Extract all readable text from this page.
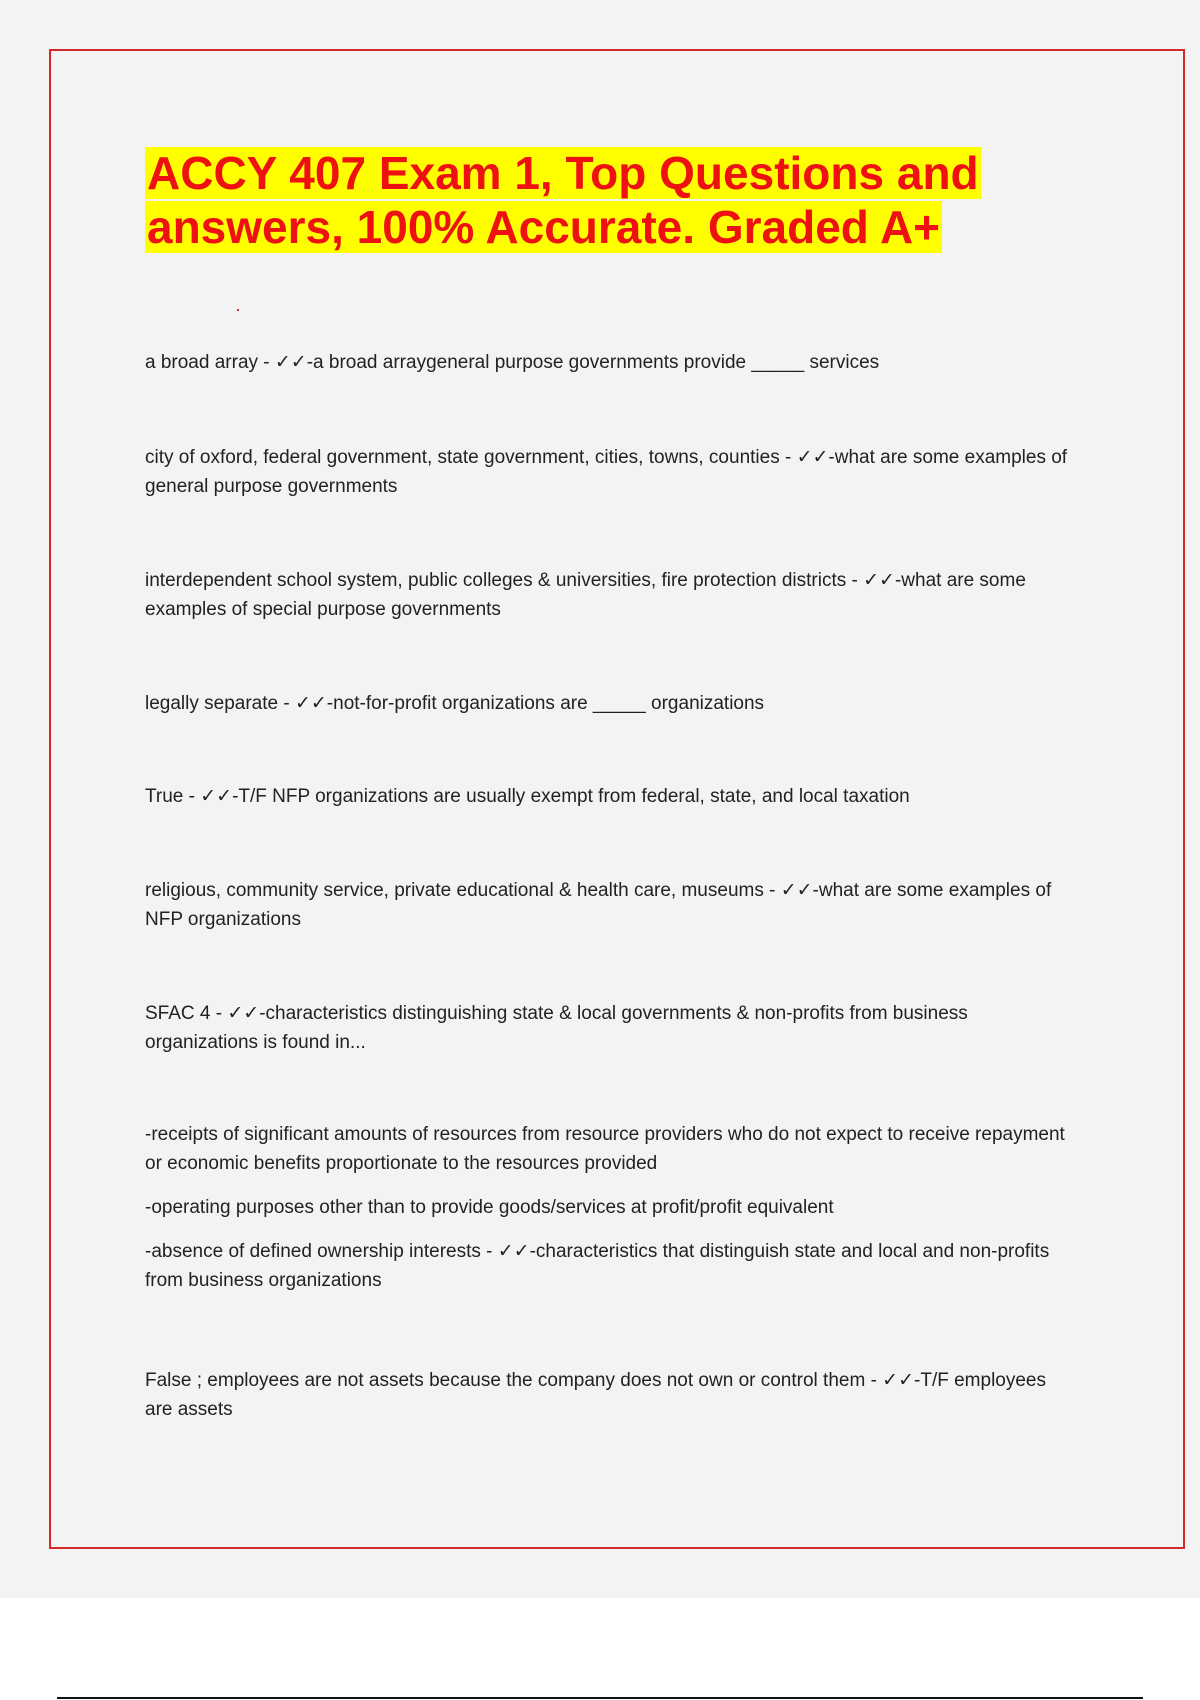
ACCY 407 Exam 1, Top Questions and
answers, 100% Accurate. Graded A+

a broad array - ✓✓-a broad arraygeneral purpose governments provide _____ services

city of oxford, federal government, state government, cities, towns, counties - ✓✓-what are some examples of general purpose governments

interdependent school system, public colleges & universities, fire protection districts - ✓✓-what are some examples of special purpose governments

legally separate - ✓✓-not-for-profit organizations are _____ organizations

True - ✓✓-T/F NFP organizations are usually exempt from federal, state, and local taxation

religious, community service, private educational & health care, museums - ✓✓-what are some examples of NFP organizations

SFAC 4 - ✓✓-characteristics distinguishing state & local governments & non-profits from business organizations is found in...

-receipts of significant amounts of resources from resource providers who do not expect to receive repayment or economic benefits proportionate to the resources provided

-operating purposes other than to provide goods/services at profit/profit equivalent

-absence of defined ownership interests - ✓✓-characteristics that distinguish state and local and non-profits from business organizations

False ; employees are not assets because the company does not own or control them - ✓✓-T/F employees are assets
